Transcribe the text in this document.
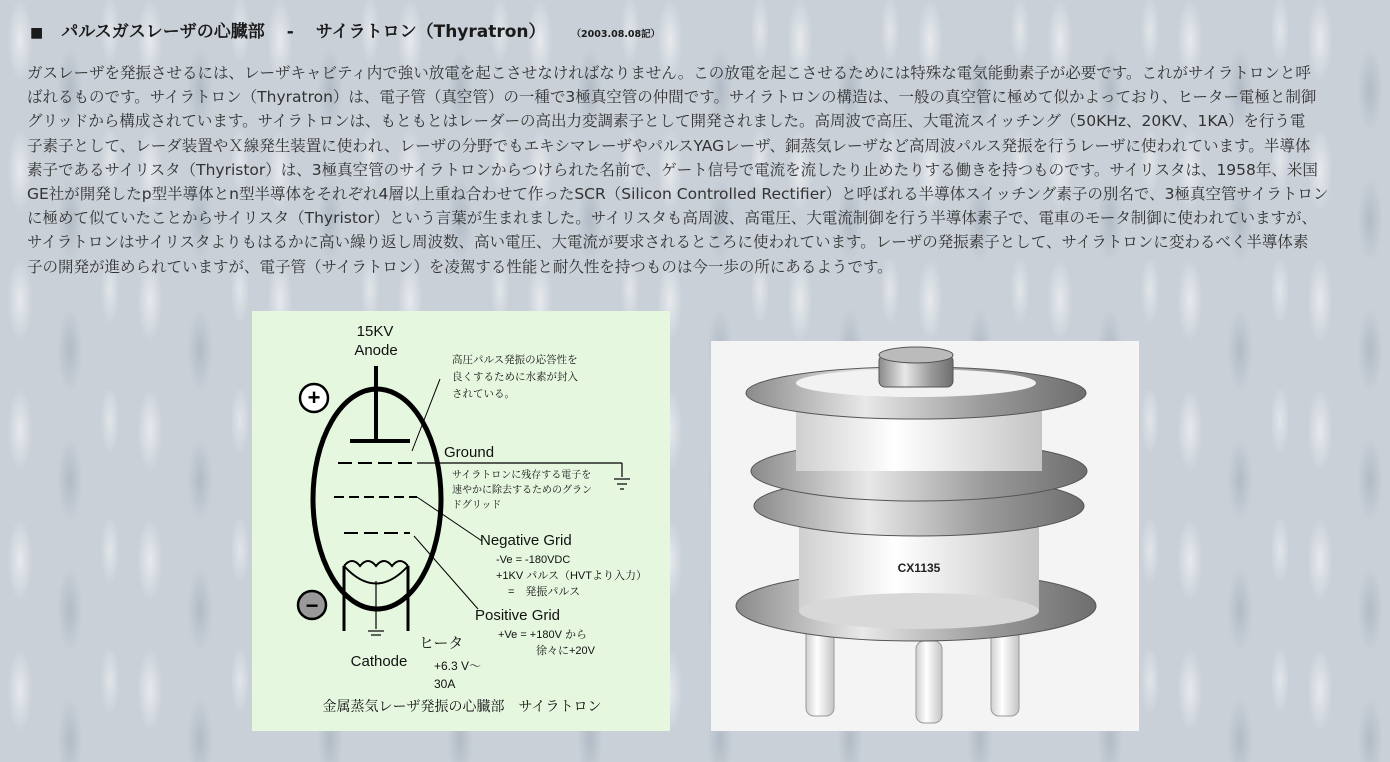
■ パルスガスレーザの心臓部 - サイラトロン（Thyratron）	（2003.08.08記）

ガスレーザを発振させるには、レーザキャビティ内で強い放電を起こさせなければなりません。この放電を起こさせるためには特殊な電気能動素子が必要です。これがサイラトロンと呼
ばれるものです。サイラトロン（Thyratron）は、電子管（真空管）の一種で3極真空管の仲間です。サイラトロンの構造は、一般の真空管に極めて似かよっており、ヒーター電極と制御
グリッドから構成されています。サイラトロンは、もともとはレーダーの高出力変調素子として開発されました。高周波で高圧、大電流スイッチング（50KHz、20KV、1KA）を行う電
子素子として、レーダ装置やＸ線発生装置に使われ、レーザの分野でもエキシマレーザやパルスYAGレーザ、銅蒸気レーザなど高周波パルス発振を行うレーザに使われています。半導体
素子であるサイリスタ（Thyristor）は、3極真空管のサイラトロンからつけられた名前で、ゲート信号で電流を流したり止めたりする働きを持つものです。サイリスタは、1958年、米国
GE社が開発したp型半導体とn型半導体をそれぞれ4層以上重ね合わせて作ったSCR（Silicon Controlled Rectifier）と呼ばれる半導体スイッチング素子の別名で、3極真空管サイラトロン
に極めて似ていたことからサイリスタ（Thyristor）という言葉が生まれました。サイリスタも高周波、高電圧、大電流制御を行う半導体素子で、電車のモータ制御に使われていますが、
サイラトロンはサイリスタよりもはるかに高い繰り返し周波数、高い電圧、大電流が要求されるところに使われています。レーザの発振素子として、サイラトロンに変わるべく半導体素
子の開発が進められていますが、電子管（サイラトロン）を凌駕する性能と耐久性を持つものは今一歩の所にあるようです。

15KV
Anode
+
−
高圧パルス発振の応答性を
良くするために水素が封入
されている。
Ground
サイラトロンに残存する電子を
速やかに除去するためのグラン
ドグリッド
Negative Grid
-Ve = -180VDC
+1KV パルス（HVTより入力）
=　発振パルス
Positive Grid
+Ve = +180V から
徐々に+20V
ヒータ
+6.3 V～
30A
Cathode
金属蒸気レーザ発振の心臓部　サイラトロン
CX1135
